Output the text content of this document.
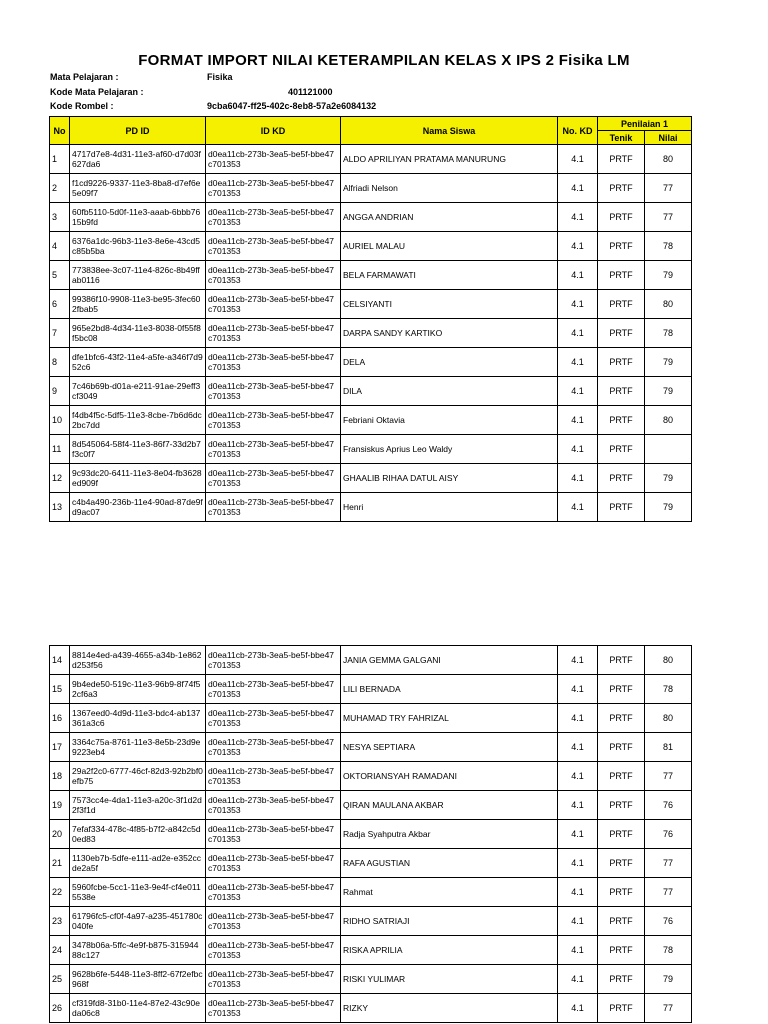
FORMAT IMPORT NILAI KETERAMPILAN KELAS X IPS 2 Fisika LM
Mata Pelajaran :	Fisika
Kode Mata Pelajaran :	401121000
Kode Rombel :	9cba6047-ff25-402c-8eb8-57a2e6084132
No	PD ID	ID KD	Nama Siswa	No. KD	Penilaian 1	
					Tenik	Nilai
1	4717d7e8-4d31-11e3-af60-d7d03f627da6	d0ea11cb-273b-3ea5-be5f-bbe47c701353	ALDO APRILIYAN PRATAMA MANURUNG	4.1	PRTF	80
2	f1cd9226-9337-11e3-8ba8-d7ef6e5e09f7	d0ea11cb-273b-3ea5-be5f-bbe47c701353	Alfriadi Nelson	4.1	PRTF	77
3	60fb5110-5d0f-11e3-aaab-6bbb7615b9fd	d0ea11cb-273b-3ea5-be5f-bbe47c701353	ANGGA ANDRIAN	4.1	PRTF	77
4	6376a1dc-96b3-11e3-8e6e-43cd5c85b5ba	d0ea11cb-273b-3ea5-be5f-bbe47c701353	AURIEL MALAU	4.1	PRTF	78
5	773838ee-3c07-11e4-826c-8b49ffab0116	d0ea11cb-273b-3ea5-be5f-bbe47c701353	BELA FARMAWATI	4.1	PRTF	79
6	99386f10-9908-11e3-be95-3fec602fbab5	d0ea11cb-273b-3ea5-be5f-bbe47c701353	CELSIYANTI	4.1	PRTF	80
7	965e2bd8-4d34-11e3-8038-0f55f8f5bc08	d0ea11cb-273b-3ea5-be5f-bbe47c701353	DARPA SANDY KARTIKO	4.1	PRTF	78
8	dfe1bfc6-43f2-11e4-a5fe-a346f7d952c6	d0ea11cb-273b-3ea5-be5f-bbe47c701353	DELA	4.1	PRTF	79
9	7c46b69b-d01a-e211-91ae-29eff3cf3049	d0ea11cb-273b-3ea5-be5f-bbe47c701353	DILA	4.1	PRTF	79
10	f4db4f5c-5df5-11e3-8cbe-7b6d6dc2bc7dd	d0ea11cb-273b-3ea5-be5f-bbe47c701353	Febriani Oktavia	4.1	PRTF	80
11	8d545064-58f4-11e3-86f7-33d2b7f3c0f7	d0ea11cb-273b-3ea5-be5f-bbe47c701353	Fransiskus Aprius Leo Waldy	4.1	PRTF	
12	9c93dc20-6411-11e3-8e04-fb3628ed909f	d0ea11cb-273b-3ea5-be5f-bbe47c701353	GHAALIB RIHAA DATUL AISY	4.1	PRTF	79
13	c4b4a490-236b-11e4-90ad-87de9fd9ac07	d0ea11cb-273b-3ea5-be5f-bbe47c701353	Henri	4.1	PRTF	79
14	8814e4ed-a439-4655-a34b-1e862d253f56	d0ea11cb-273b-3ea5-be5f-bbe47c701353	JANIA GEMMA GALGANI	4.1	PRTF	80
15	9b4ede50-519c-11e3-96b9-8f74f52cf6a3	d0ea11cb-273b-3ea5-be5f-bbe47c701353	LILI BERNADA	4.1	PRTF	78
16	1367eed0-4d9d-11e3-bdc4-ab137361a3c6	d0ea11cb-273b-3ea5-be5f-bbe47c701353	MUHAMAD TRY FAHRIZAL	4.1	PRTF	80
17	3364c75a-8761-11e3-8e5b-23d9e9223eb4	d0ea11cb-273b-3ea5-be5f-bbe47c701353	NESYA SEPTIARA	4.1	PRTF	81
18	29a2f2c0-6777-46cf-82d3-92b2bf0efb75	d0ea11cb-273b-3ea5-be5f-bbe47c701353	OKTORIANSYAH RAMADANI	4.1	PRTF	77
19	7573cc4e-4da1-11e3-a20c-3f1d2d2f3f1d	d0ea11cb-273b-3ea5-be5f-bbe47c701353	QIRAN MAULANA AKBAR	4.1	PRTF	76
20	7efaf334-478c-4f85-b7f2-a842c5d0ed83	d0ea11cb-273b-3ea5-be5f-bbe47c701353	Radja Syahputra Akbar	4.1	PRTF	76
21	1130eb7b-5dfe-e111-ad2e-e352ccde2a5f	d0ea11cb-273b-3ea5-be5f-bbe47c701353	RAFA AGUSTIAN	4.1	PRTF	77
22	5960fcbe-5cc1-11e3-9e4f-cf4e0115538e	d0ea11cb-273b-3ea5-be5f-bbe47c701353	Rahmat	4.1	PRTF	77
23	61796fc5-cf0f-4a97-a235-451780c040fe	d0ea11cb-273b-3ea5-be5f-bbe47c701353	RIDHO SATRIAJI	4.1	PRTF	76
24	3478b06a-5ffc-4e9f-b875-31594488c127	d0ea11cb-273b-3ea5-be5f-bbe47c701353	RISKA APRILIA	4.1	PRTF	78
25	9628b6fe-5448-11e3-8ff2-67f2efbc968f	d0ea11cb-273b-3ea5-be5f-bbe47c701353	RISKI YULIMAR	4.1	PRTF	79
26	cf319fd8-31b0-11e4-87e2-43c90eda06c8	d0ea11cb-273b-3ea5-be5f-bbe47c701353	RIZKY	4.1	PRTF	77
